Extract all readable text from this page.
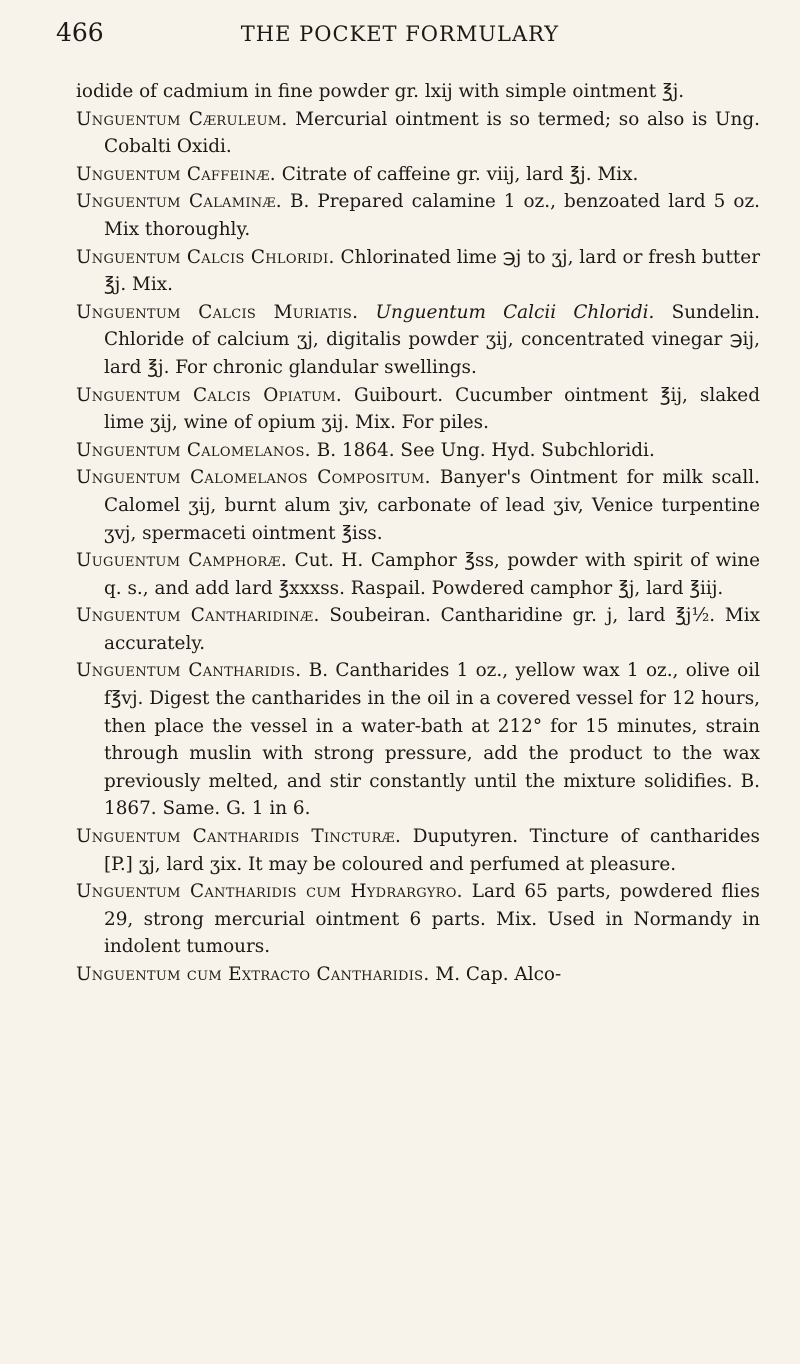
466	THE POCKET FORMULARY

iodide of cadmium in fine powder gr. lxij with simple ointment ℥j.

Unguentum Cæruleum. Mercurial ointment is so termed; so also is Ung. Cobalti Oxidi.

Unguentum Caffeinæ. Citrate of caffeine gr. viij, lard ℥j. Mix.

Unguentum Calaminæ. B. Prepared calamine 1 oz., benzoated lard 5 oz. Mix thoroughly.

Unguentum Calcis Chloridi. Chlorinated lime ℈j to ʒj, lard or fresh butter ℥j. Mix.

Unguentum Calcis Muriatis. Unguentum Calcii Chloridi. Sundelin. Chloride of calcium ʒj, digitalis powder ʒij, concentrated vinegar ℈ij, lard ℥j. For chronic glandular swellings.

Unguentum Calcis Opiatum. Guibourt. Cucumber ointment ℥ij, slaked lime ʒij, wine of opium ʒij. Mix. For piles.

Unguentum Calomelanos. B. 1864. See Ung. Hyd. Subchloridi.

Unguentum Calomelanos Compositum. Banyer's Ointment for milk scall. Calomel ʒij, burnt alum ʒiv, carbonate of lead ʒiv, Venice turpentine ʒvj, spermaceti ointment ℥iss.

Uuguentum Camphoræ. Cut. H. Camphor ℥ss, powder with spirit of wine q. s., and add lard ℥xxxss. Raspail. Powdered camphor ℥j, lard ℥iij.

Unguentum Cantharidinæ. Soubeiran. Cantharidine gr. j, lard ℥j½. Mix accurately.

Unguentum Cantharidis. B. Cantharides 1 oz., yellow wax 1 oz., olive oil f℥vj. Digest the cantharides in the oil in a covered vessel for 12 hours, then place the vessel in a water-bath at 212° for 15 minutes, strain through muslin with strong pressure, add the product to the wax previously melted, and stir constantly until the mixture solidifies. B. 1867. Same. G. 1 in 6.

Unguentum Cantharidis Tincturæ. Duputyren. Tincture of cantharides [P.] ʒj, lard ʒix. It may be coloured and perfumed at pleasure.

Unguentum Cantharidis cum Hydrargyro. Lard 65 parts, powdered flies 29, strong mercurial ointment 6 parts. Mix. Used in Normandy in indolent tumours.

Unguentum cum Extracto Cantharidis. M. Cap. Alco-
